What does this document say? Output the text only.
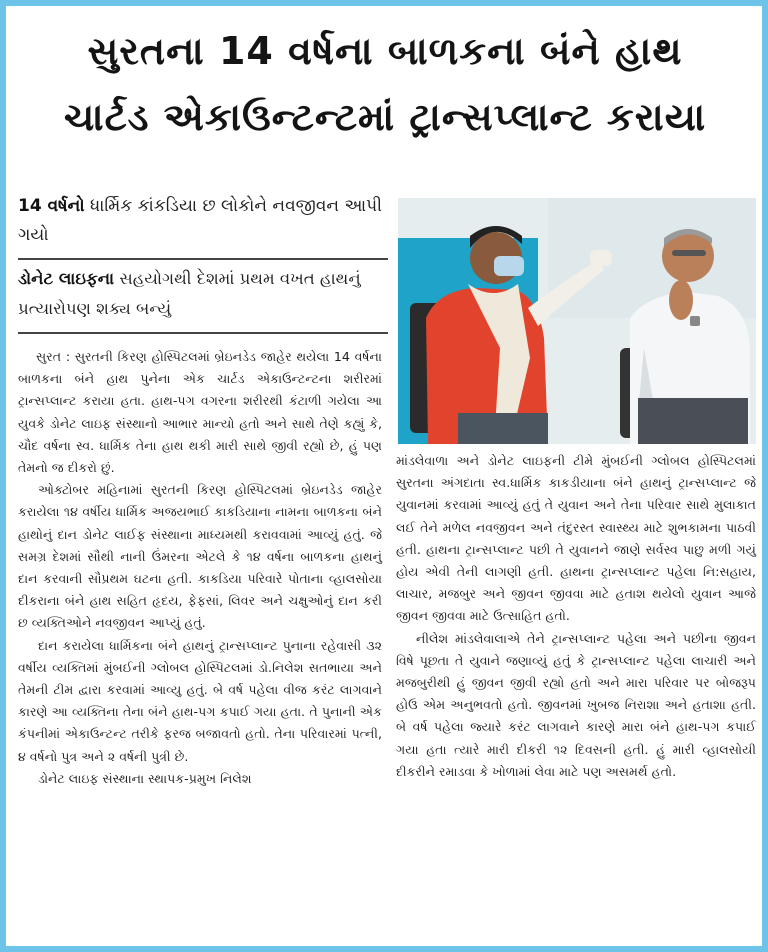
સુરતના 14 વર્ષના બાળકના બંને હાથ
ચાર્ટડ એકાઉન્ટન્ટમાં ટ્રાન્સપ્લાન્ટ કરાયા
14 વર્ષનો ધાર્મિક કાંકડિયા છ લોકોને નવજીવન આપી ગયો
ડોનેટ લાઇફના સહયોગથી દેશમાં પ્રથમ વખત હાથનું પ્રત્યારોપણ શક્ય બન્યું

સુરત : સુરતની કિરણ હોસ્પિટલમાં બ્રેઇનડેડ જાહેર થયેલા 14 વર્ષના બાળકના બંને હાથ પુનેના એક ચાર્ટડ એકાઉન્ટન્ટના શરીરમાં ટ્રાન્સપ્લાન્ટ કરાયા હતા. હાથ-પગ વગરના શરીરથી કંટાળી ગયેલા આ યુવકે ડોનેટ લાઇફ સંસ્થાનો આભાર માન્યો હતો અને સાથે તેણે કહ્યું કે, ચૌદ વર્ષના સ્વ. ધાર્મિક તેના હાથ થકી મારી સાથે જીવી રહ્યો છે, હું પણ તેમનો જ દીકરો છું.

ઓક્ટોબર મહિનામાં સુરતની કિરણ હોસ્પિટલમાં બ્રેઇનડેડ જાહેર કરાયેલા ૧૪ વર્ષીય ધાર્મિક અજયભાઈ કાકડિયાના નામના બાળકના બંને હાથોનું દાન ડોનેટ લાઈફ સંસ્થાના માધ્યમથી કરાવવામાં આવ્યું હતું. જે સમગ્ર દેશમાં સૌથી નાની ઉંમરના એટલે કે ૧૪ વર્ષના બાળકના હાથનું દાન કરવાની સૌપ્રથમ ઘટના હતી. કાકડિયા પરિવારે પોતાના વ્હાલસોયા દીકરાના બંને હાથ સહિત હૃદય, ફેફસાં, લિવર અને ચક્ષુઓનું દાન કરી છ વ્યક્તિઓને નવજીવન આપ્યું હતું.

દાન કરાયેલા ધાર્મિકના બંને હાથનું ટ્રાન્સપ્લાન્ટ પુનાના રહેવાસી ૩૨ વર્ષીય વ્યક્તિમાં મુંબઈની ગ્લોબલ હોસ્પિટલમાં ડો.નિલેશ સતભાયા અને તેમની ટીમ દ્વારા કરવામાં આવ્યુ હતું. બે વર્ષ પહેલા વીજ કરંટ લાગવાને કારણે આ વ્યક્તિના તેના બંને હાથ-પગ કપાઈ ગયા હતા. તે પુનાની એક કંપનીમાં એકાઉન્ટન્ટ તરીકે ફરજ બજાવતો હતો. તેના પરિવારમાં પત્ની, ૪ વર્ષનો પુત્ર અને ૨ વર્ષની પુત્રી છે.

ડોનેટ લાઇફ સંસ્થાના સ્થાપક-પ્રમુખ નિલેશ

માંડલેવાળા અને ડોનેટ લાઇફની ટીમે મુંબઈની ગ્લોબલ હોસ્પિટલમાં સુરતના અંગદાતા સ્વ.ધાર્મિક કાકડીયાના બંને હાથનું ટ્રાન્સપ્લાન્ટ જે યુવાનમાં કરવામાં આવ્યું હતું તે યુવાન અને તેના પરિવાર સાથે મુલાકાત લઈ તેને મળેલ નવજીવન અને તંદુરસ્ત સ્વાસ્થ્ય માટે શુભકામના પાઠવી હતી. હાથના ટ્રાન્સપ્લાન્ટ પછી તે યુવાનને જાણે સર્વસ્વ પાછુ મળી ગયું હોય એવી તેની લાગણી હતી. હાથના ટ્રાન્સપ્લાન્ટ પહેલા નિ:સહાય, લાચાર, મજબુર અને જીવન જીવવા માટે હતાશ થયેલો યુવાન આજે જીવન જીવવા માટે ઉત્સાહિત હતો.

નીલેશ માંડલેવાલાએ તેને ટ્રાન્સપ્લાન્ટ પહેલા અને પછીના જીવન વિષે પૂછતા તે યુવાને જણાવ્યું હતું કે ટ્રાન્સપ્લાન્ટ પહેલા લાચારી અને મજબુરીથી હું જીવન જીવી રહ્યો હતો અને મારા પરિવાર પર બોજરૂપ હોઉ એમ અનુભવતો હતો. જીવનમાં ખુબજ નિરાશા અને હતાશા હતી. બે વર્ષ પહેલા જ્યારે કરંટ લાગવાને કારણે મારા બંને હાથ-પગ કપાઈ ગયા હતા ત્યારે મારી દીકરી ૧૨ દિવસની હતી. હું મારી વ્હાલસોયી દીકરીને રમાડવા કે ખોળામાં લેવા માટે પણ અસમર્થ હતો.
